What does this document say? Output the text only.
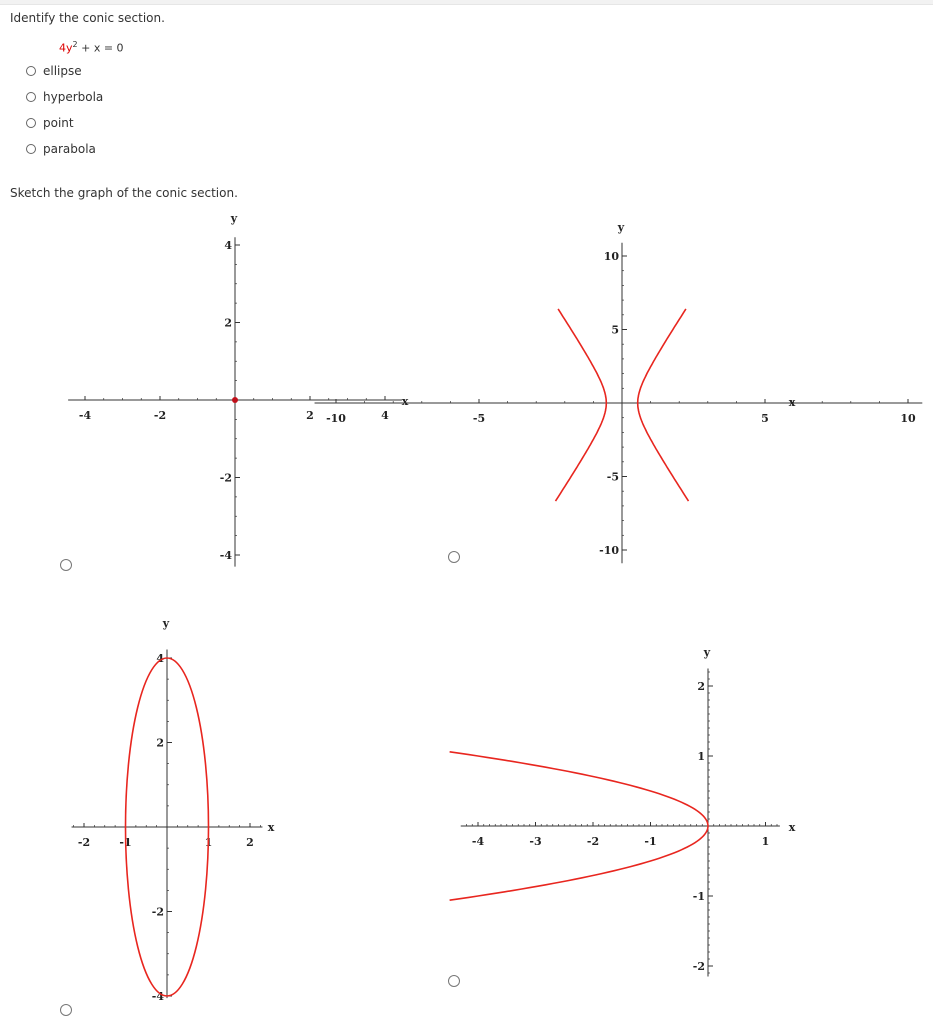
Identify the conic section.
$4y^2 + x = 0$
ellipse
hyperbola
point
parabola
Sketch the graph of the conic section.
-4	-2	2	4
4
2
-2
-4
x
y
-10	-5	5	10
10
5
-5
-10
x
y
-2	-1	1	2
4
2
-2
-4
x
y
-4	-3	-2	-1	1
2
1
-1
-2
x
y
